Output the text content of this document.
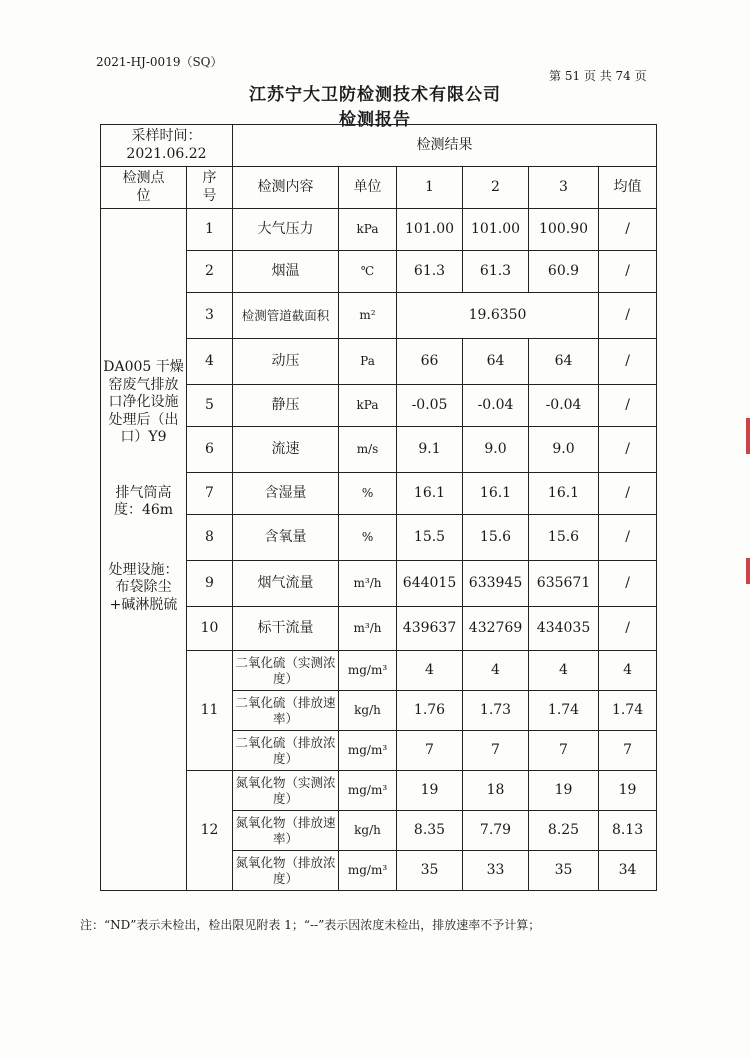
2021-HJ-0019（SQ）
第 51 页 共 74 页
江苏宁大卫防检测技术有限公司
检测报告
采样时间：
2021.06.22		检测结果					
检测点位	序号	检测内容	单位	1	2	3	均值

DA005 干燥窑废气排放口净化设施处理后（出口）Y9
排气筒高度：46m
处理设施：布袋除尘+碱淋脱硫	1	大气压力	kPa	101.00	101.00	100.90	/
	2	烟温	℃	61.3	61.3	60.9	/
	3	检测管道截面积	m²	19.6350			/
	4	动压	Pa	66	64	64	/
	5	静压	kPa	-0.05	-0.04	-0.04	/
	6	流速	m/s	9.1	9.0	9.0	/
	7	含湿量	%	16.1	16.1	16.1	/
	8	含氧量	%	15.5	15.6	15.6	/
	9	烟气流量	m³/h	644015	633945	635671	/
	10	标干流量	m³/h	439637	432769	434035	/
	11	二氧化硫（实测浓度）	mg/m³	4	4	4	4
		二氧化硫（排放速率）	kg/h	1.76	1.73	1.74	1.74
		二氧化硫（排放浓度）	mg/m³	7	7	7	7
	12	氮氧化物（实测浓度）	mg/m³	19	18	19	19
		氮氧化物（排放速率）	kg/h	8.35	7.79	8.25	8.13
		氮氧化物（排放浓度）	mg/m³	35	33	35	34
注：“ND”表示未检出，检出限见附表 1；“--”表示因浓度未检出，排放速率不予计算；
